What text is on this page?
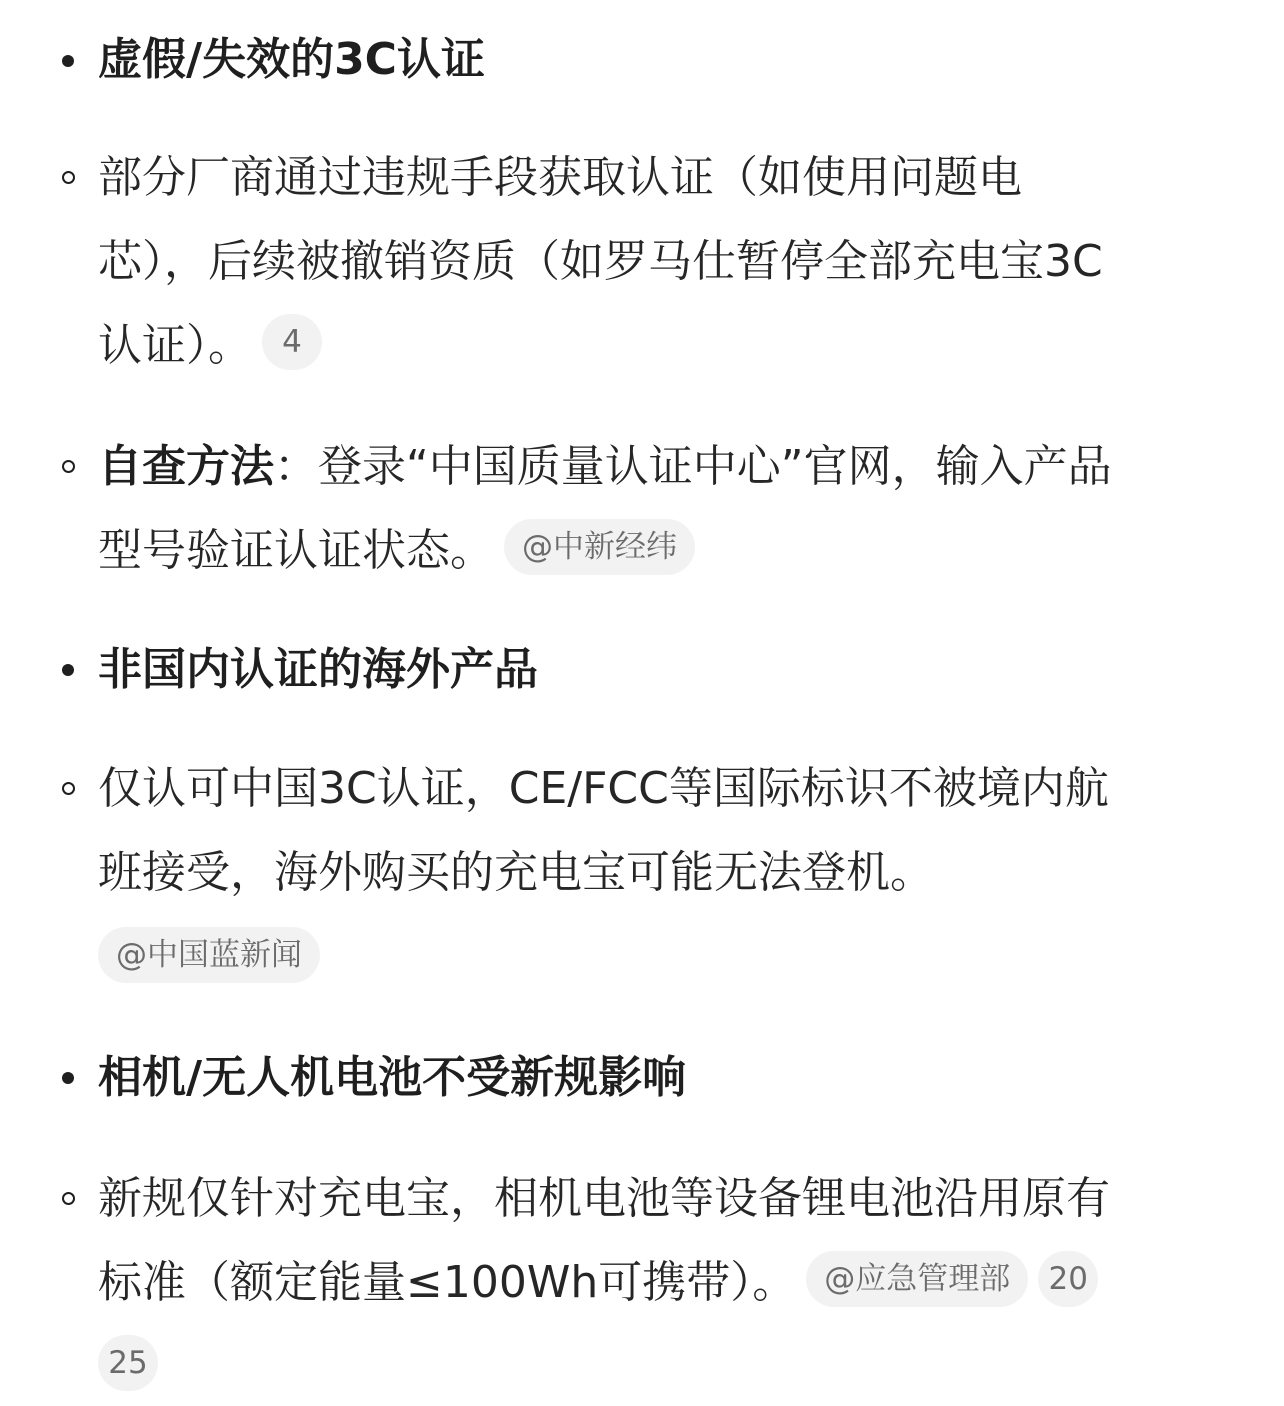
虚假/失效的3C认证
部分厂商通过违规手段获取认证（如使用问题电
芯），后续被撤销资质（如罗马仕暂停全部充电宝3C
认证）。 4
自查方法：登录“中国质量认证中心”官网，输入产品
型号验证认证状态。 @中新经纬
非国内认证的海外产品
仅认可中国3C认证，CE/FCC等国际标识不被境内航
班接受，海外购买的充电宝可能无法登机。
@中国蓝新闻
相机/无人机电池不受新规影响
新规仅针对充电宝，相机电池等设备锂电池沿用原有
标准（额定能量≤100Wh可携带）。 @应急管理部 20
25
